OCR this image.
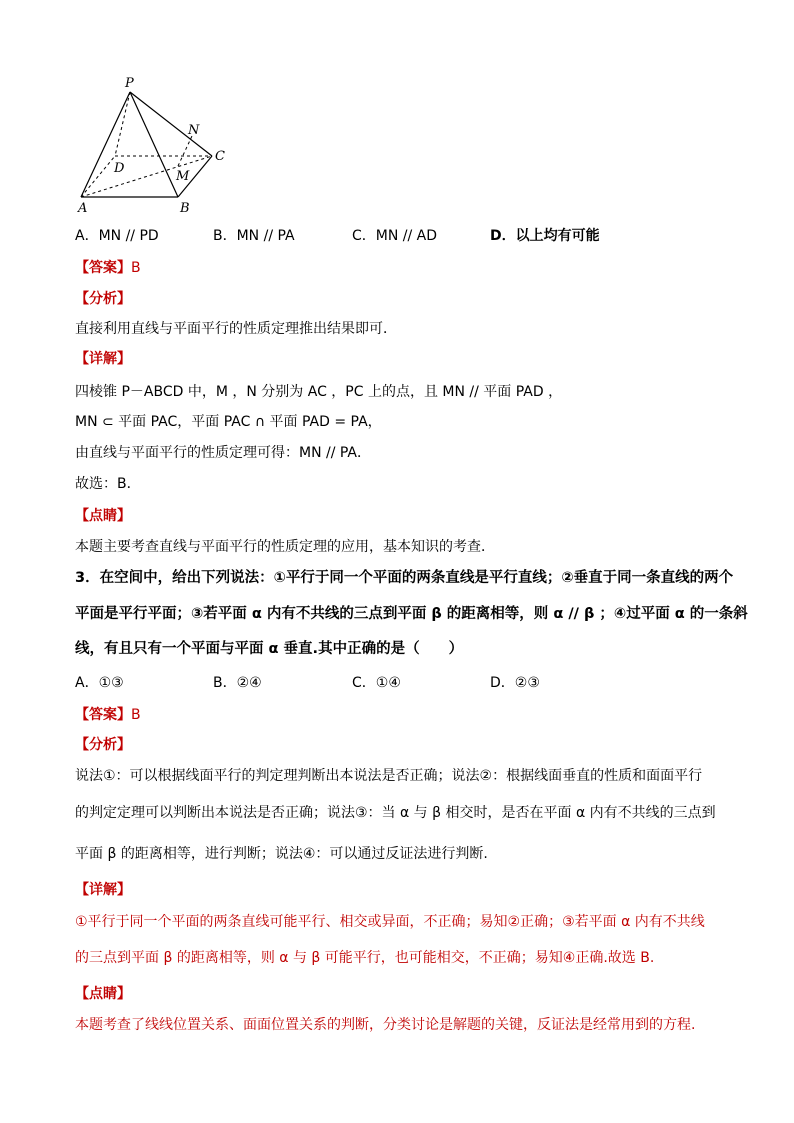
P
N
C
D
M
A	B
A．MN // PD	B．MN // PA	C．MN // AD	D．以上均有可能
【答案】B
【分析】
直接利用直线与平面平行的性质定理推出结果即可．
【详解】
四棱锥 P－ABCD 中，M ，N 分别为 AC ，PC 上的点，且 MN // 平面 PAD ，
MN ⊂ 平面 PAC，平面 PAC ∩ 平面 PAD = PA，
由直线与平面平行的性质定理可得：MN // PA．
故选：B．
【点睛】
本题主要考查直线与平面平行的性质定理的应用，基本知识的考查．
3．在空间中，给出下列说法：①平行于同一个平面的两条直线是平行直线；②垂直于同一条直线的两个
平面是平行平面；③若平面 α 内有不共线的三点到平面 β 的距离相等，则 α // β ；④过平面 α 的一条斜
线，有且只有一个平面与平面 α 垂直.其中正确的是（　　）
A．①③	B．②④	C．①④	D．②③
【答案】B
【分析】
说法①：可以根据线面平行的判定理判断出本说法是否正确；说法②：根据线面垂直的性质和面面平行
的判定定理可以判断出本说法是否正确；说法③：当 α 与 β 相交时，是否在平面 α 内有不共线的三点到
平面 β 的距离相等，进行判断；说法④：可以通过反证法进行判断.
【详解】
①平行于同一个平面的两条直线可能平行、相交或异面，不正确；易知②正确；③若平面 α 内有不共线
的三点到平面 β 的距离相等，则 α 与 β 可能平行，也可能相交，不正确；易知④正确.故选 B.
【点睛】
本题考查了线线位置关系、面面位置关系的判断，分类讨论是解题的关键，反证法是经常用到的方程.
